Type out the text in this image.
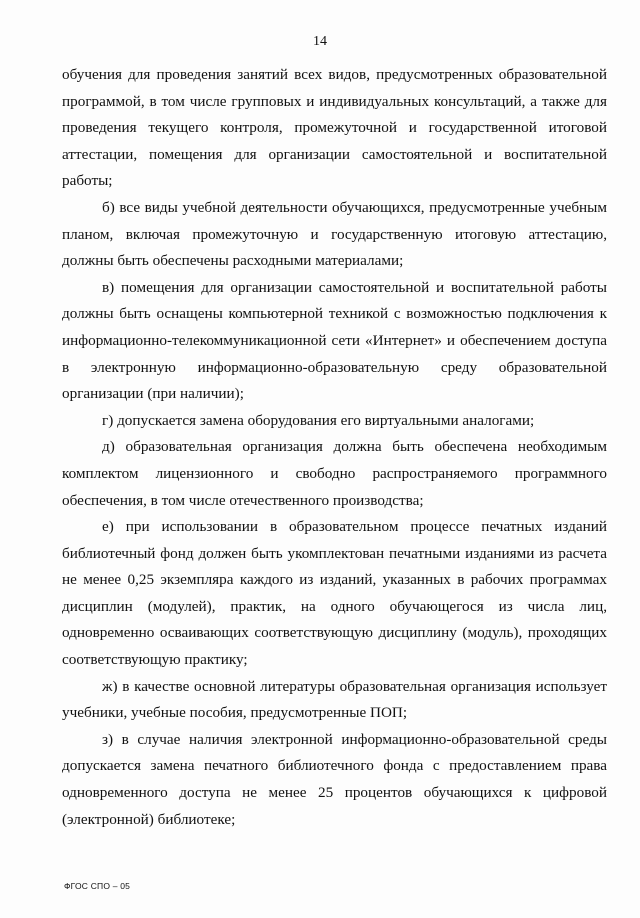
14

обучения для проведения занятий всех видов, предусмотренных образовательной программой, в том числе групповых и индивидуальных консультаций, а также для проведения текущего контроля, промежуточной и государственной итоговой аттестации, помещения для организации самостоятельной и воспитательной работы;

б) все виды учебной деятельности обучающихся, предусмотренные учебным планом, включая промежуточную и государственную итоговую аттестацию, должны быть обеспечены расходными материалами;

в) помещения для организации самостоятельной и воспитательной работы должны быть оснащены компьютерной техникой с возможностью подключения к информационно-телекоммуникационной сети «Интернет» и обеспечением доступа в электронную информационно-образовательную среду образовательной организации (при наличии);

г) допускается замена оборудования его виртуальными аналогами;

д) образовательная организация должна быть обеспечена необходимым комплектом лицензионного и свободно распространяемого программного обеспечения, в том числе отечественного производства;

е) при использовании в образовательном процессе печатных изданий библиотечный фонд должен быть укомплектован печатными изданиями из расчета не менее 0,25 экземпляра каждого из изданий, указанных в рабочих программах дисциплин (модулей), практик, на одного обучающегося из числа лиц, одновременно осваивающих соответствующую дисциплину (модуль), проходящих соответствующую практику;

ж) в качестве основной литературы образовательная организация использует учебники, учебные пособия, предусмотренные ПОП;

з) в случае наличия электронной информационно-образовательной среды допускается замена печатного библиотечного фонда с предоставлением права одновременного доступа не менее 25 процентов обучающихся к цифровой (электронной) библиотеке;

ФГОС СПО – 05
